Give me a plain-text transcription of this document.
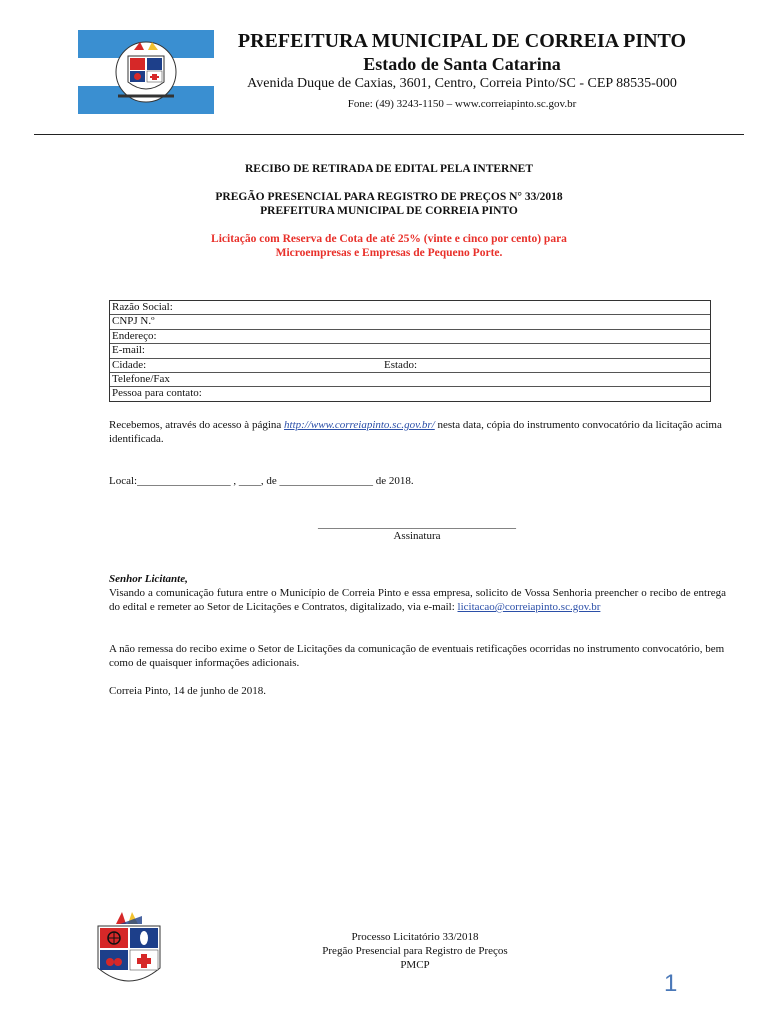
PREFEITURA MUNICIPAL DE CORREIA PINTO
Estado de Santa Catarina
Avenida Duque de Caxias, 3601, Centro, Correia Pinto/SC - CEP 88535-000
Fone: (49) 3243-1150 – www.correiapinto.sc.gov.br
RECIBO DE RETIRADA DE EDITAL PELA INTERNET
PREGÃO PRESENCIAL PARA REGISTRO DE PREÇOS N° 33/2018
PREFEITURA MUNICIPAL DE CORREIA PINTO
Licitação com Reserva de Cota de até 25% (vinte e cinco por cento) para
Microempresas e Empresas de Pequeno Porte.
Razão Social:
CNPJ N.º
Endereço:
E-mail:
Cidade:	Estado:
Telefone/Fax
Pessoa para contato:
Recebemos, através do acesso à página http://www.correiapinto.sc.gov.br/ nesta data, cópia do instrumento convocatório da licitação acima identificada.
Local:_________________ , ____, de _________________ de 2018.
____________________________________
Assinatura
Senhor Licitante,
Visando a comunicação futura entre o Município de Correia Pinto e essa empresa, solicito de Vossa Senhoria preencher o recibo de entrega do edital e remeter ao Setor de Licitações e Contratos, digitalizado, via e-mail: licitacao@correiapinto.sc.gov.br
A não remessa do recibo exime o Setor de Licitações da comunicação de eventuais retificações ocorridas no instrumento convocatório, bem como de quaisquer informações adicionais.
Correia Pinto, 14 de junho de 2018.
Processo Licitatório 33/2018
Pregão Presencial para Registro de Preços
PMCP
1
